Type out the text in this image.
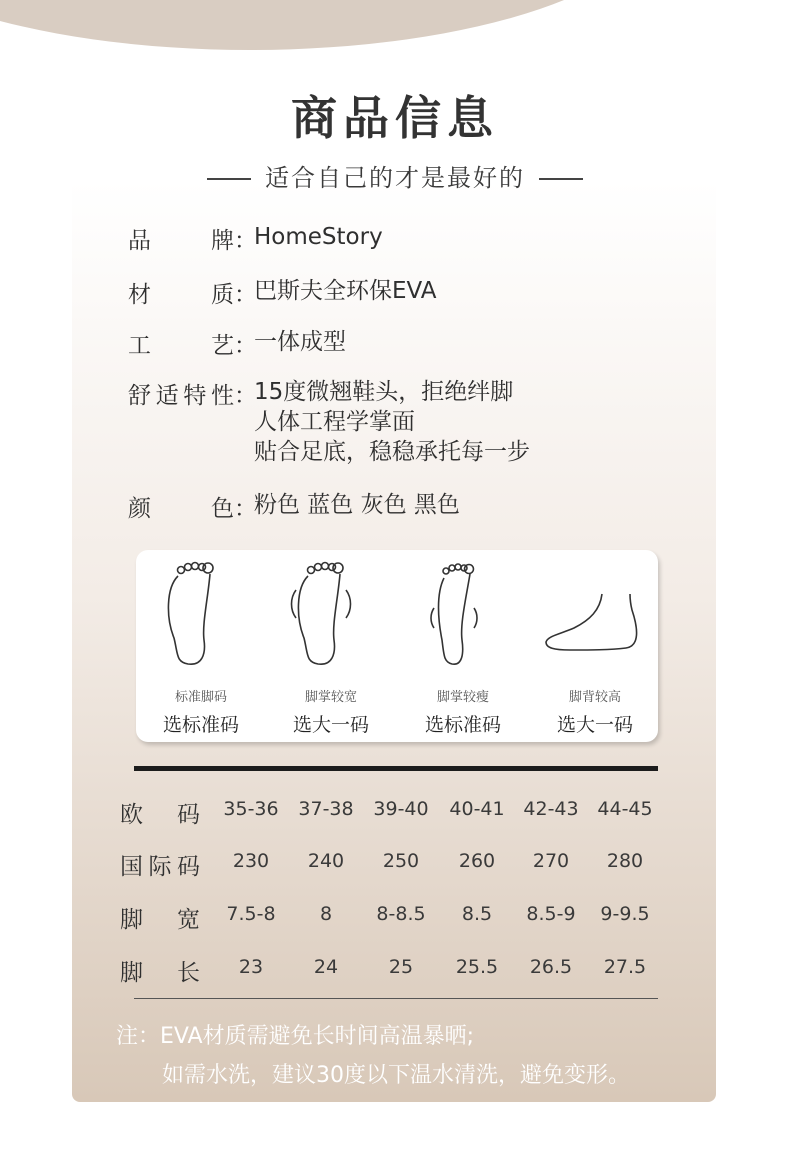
商品信息
适合自己的才是最好的
品牌：HomeStory
材质：巴斯夫全环保EVA
工艺：一体成型
舒适特性：
15度微翘鞋头，拒绝绊脚
人体工程学掌面
贴合足底，稳稳承托每一步
颜色：粉色 蓝色 灰色 黑色
标准脚码
选标准码
脚掌较宽
选大一码
脚掌较瘦
选标准码
脚背较高
选大一码
欧码	35-36	37-38	39-40	40-41 42-43 44-45
国际码	230	240	250	260	270	280
脚宽	7.5-8	8	8-8.5	8.5	8.5-9	9-9.5
脚长	23	24	25	25.5	26.5	27.5
注：EVA材质需避免长时间高温暴晒;
如需水洗，建议30度以下温水清洗，避免变形。
